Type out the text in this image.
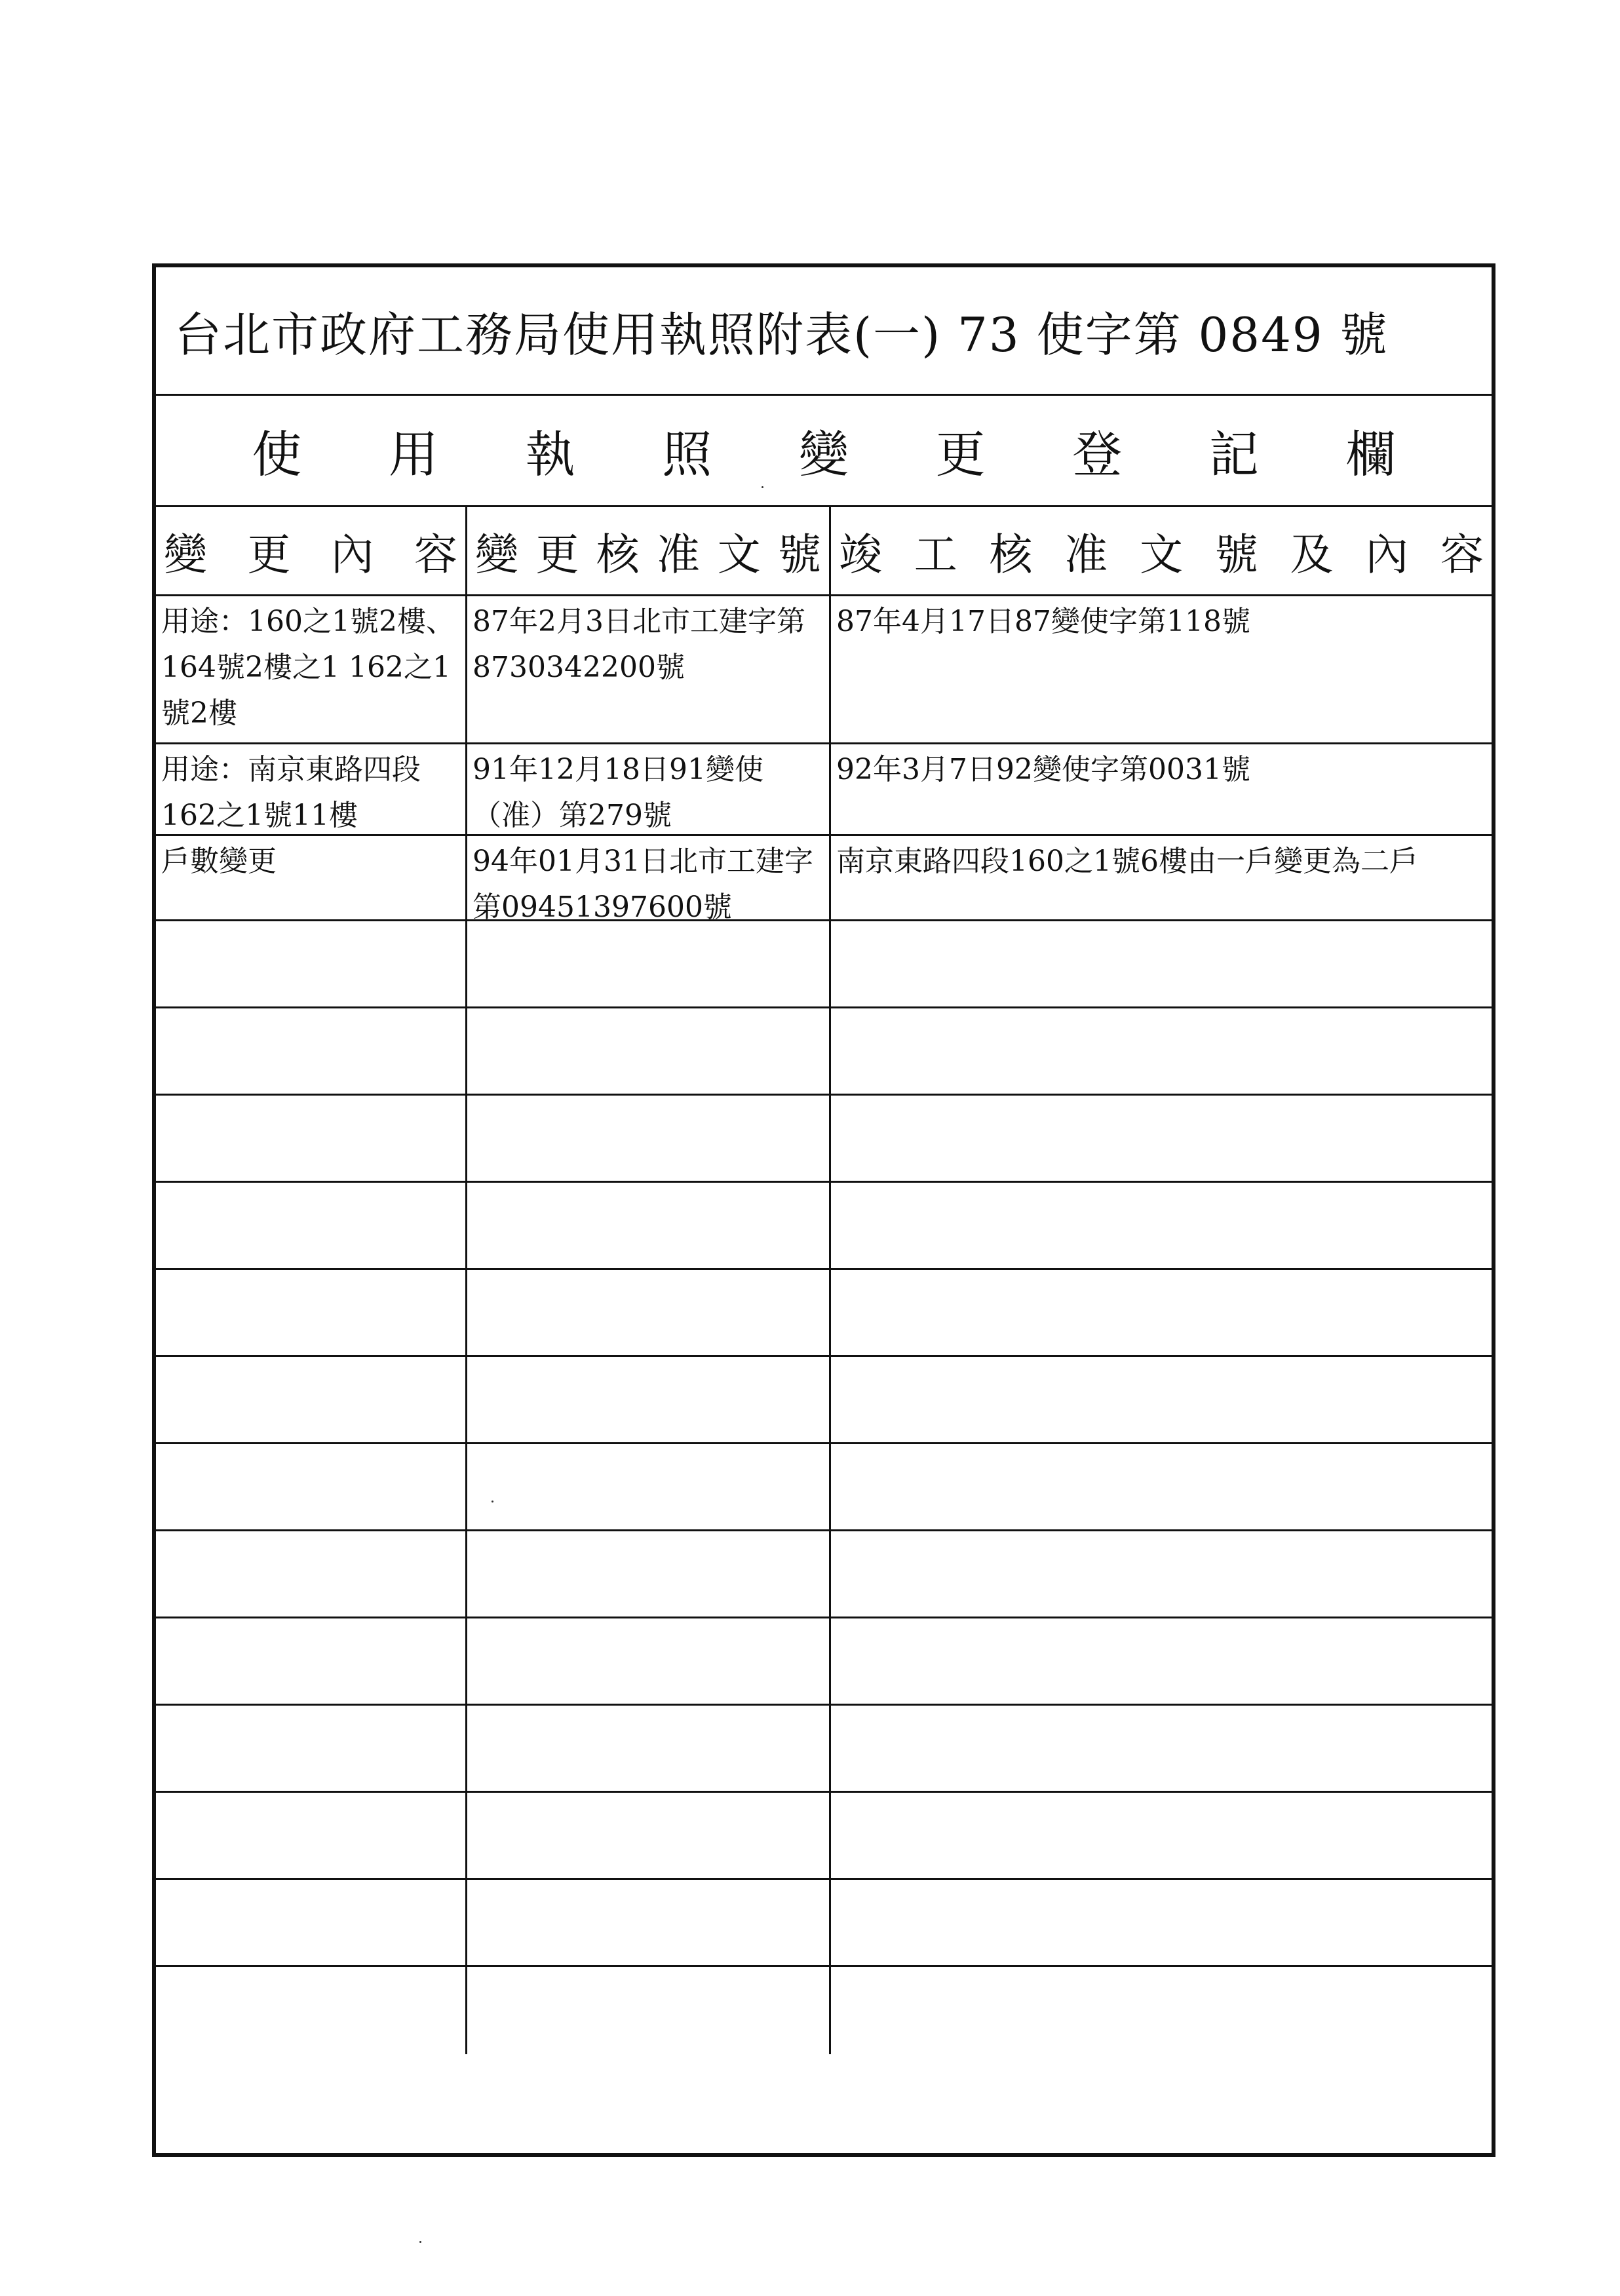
台北市政府工務局使用執照附表(一) 73 使字第 0849 號
使 用 執 照 變 更 登 記 欄
變 更 內 容 變 更 核 准 文 號 竣 工 核 准 文 號 及 內 容
用途：160之1號2樓、164號2樓之1 162之1號2樓
87年2月3日北市工建字第8730342200號
87年4月17日87變使字第118號
用途：南京東路四段162之1號11樓
91年12月18日91變使（准）第279號
92年3月7日92變使字第0031號
戶數變更	94年01月31日北市工建字第09451397600號
南京東路四段160之1號6樓由一戶變更為二戶
